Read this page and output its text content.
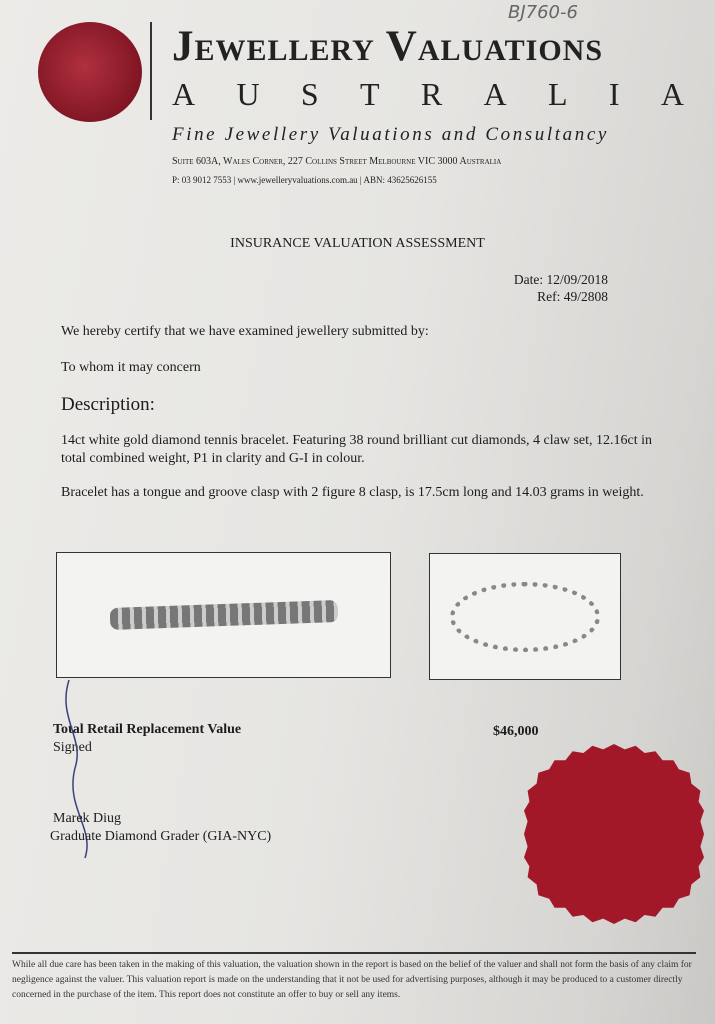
BJ760-6
Jewellery Valuations
A U S T R A L I A
Fine Jewellery Valuations and Consultancy
Suite 603A, Wales Corner, 227 Collins Street Melbourne VIC 3000 Australia
P: 03 9012 7553 | www.jewelleryvaluations.com.au | ABN: 43625626155
INSURANCE VALUATION ASSESSMENT
Date: 12/09/2018
Ref: 49/2808
We hereby certify that we have examined jewellery submitted by:
To whom it may concern
Description:
14ct white gold diamond tennis bracelet. Featuring 38 round brilliant cut diamonds, 4 claw set, 12.16ct in total combined weight, P1 in clarity and G-I in colour.
Bracelet has a tongue and groove clasp with 2 figure 8 clasp, is 17.5cm long and 14.03 grams in weight.
Total Retail Replacement Value	$46,000
Signed
Marek Diug
Graduate Diamond Grader (GIA-NYC)
While all due care has been taken in the making of this valuation, the valuation shown in the report is based on the belief of the valuer and shall not form the basis of any claim for negligence against the valuer. This valuation report is made on the understanding that it not be used for advertising purposes, although it may be produced to a customer directly concerned in the purchase of the item. This report does not constitute an offer to buy or sell any items.
